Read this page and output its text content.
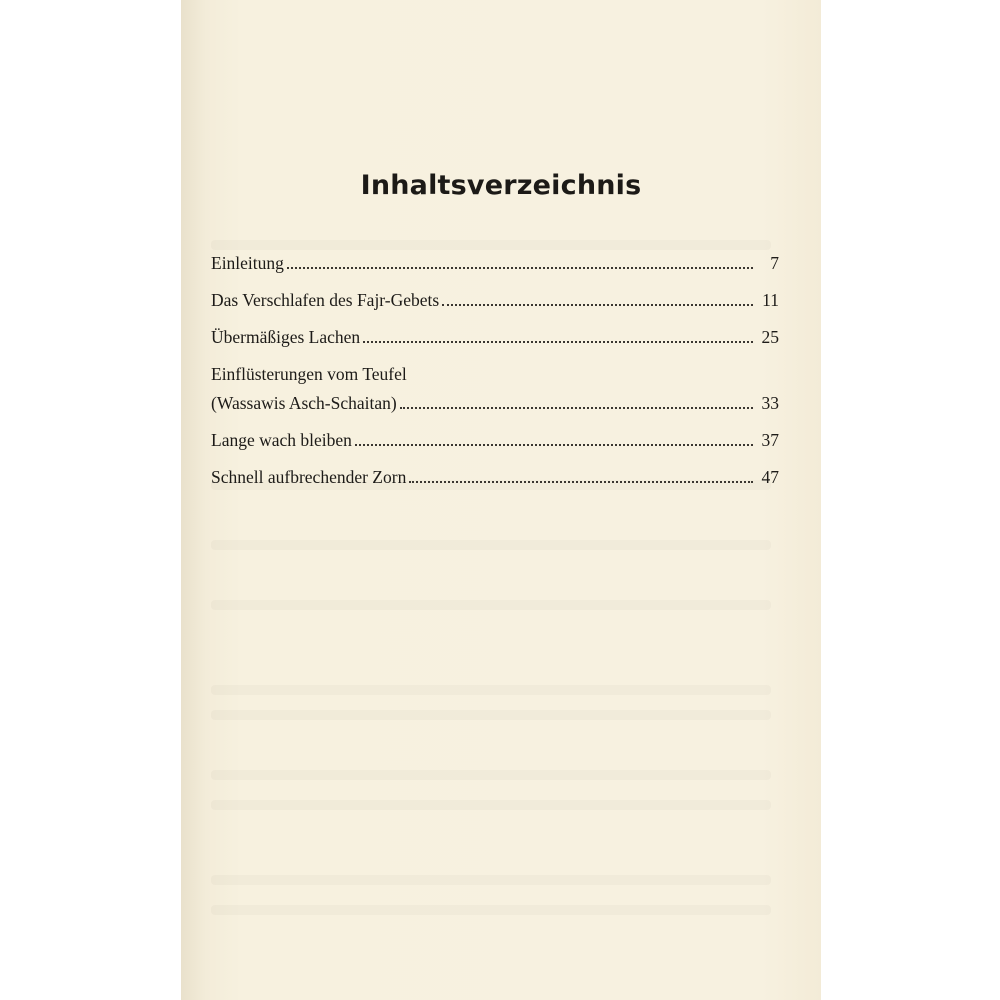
Inhaltsverzeichnis
Einleitung	7
Das Verschlafen des Fajr-Gebets	11
Übermäßiges Lachen	25
Einflüsterungen vom Teufel
(Wassawis Asch-Schaitan)	33
Lange wach bleiben	37
Schnell aufbrechender Zorn	47
